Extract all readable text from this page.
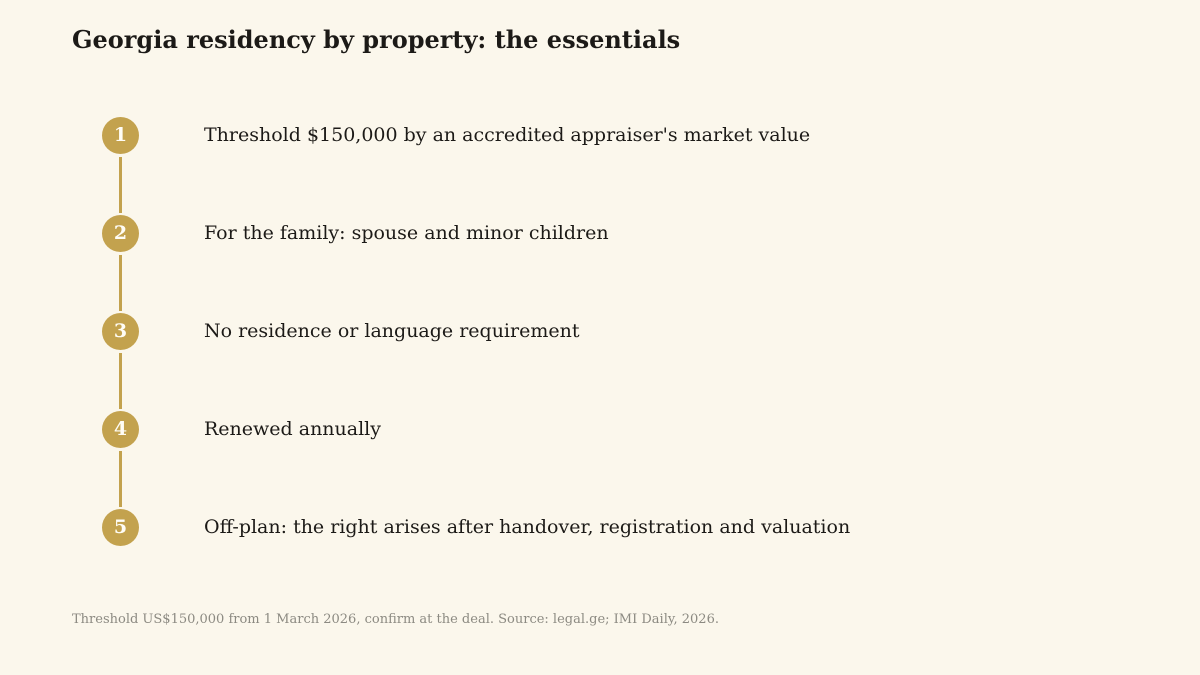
Georgia residency by property: the essentials
1	Threshold $150,000 by an accredited appraiser's market value
2	For the family: spouse and minor children
3	No residence or language requirement
4	Renewed annually
5	Off-plan: the right arises after handover, registration and valuation

Threshold US$150,000 from 1 March 2026, confirm at the deal. Source: legal.ge; IMI Daily, 2026.
